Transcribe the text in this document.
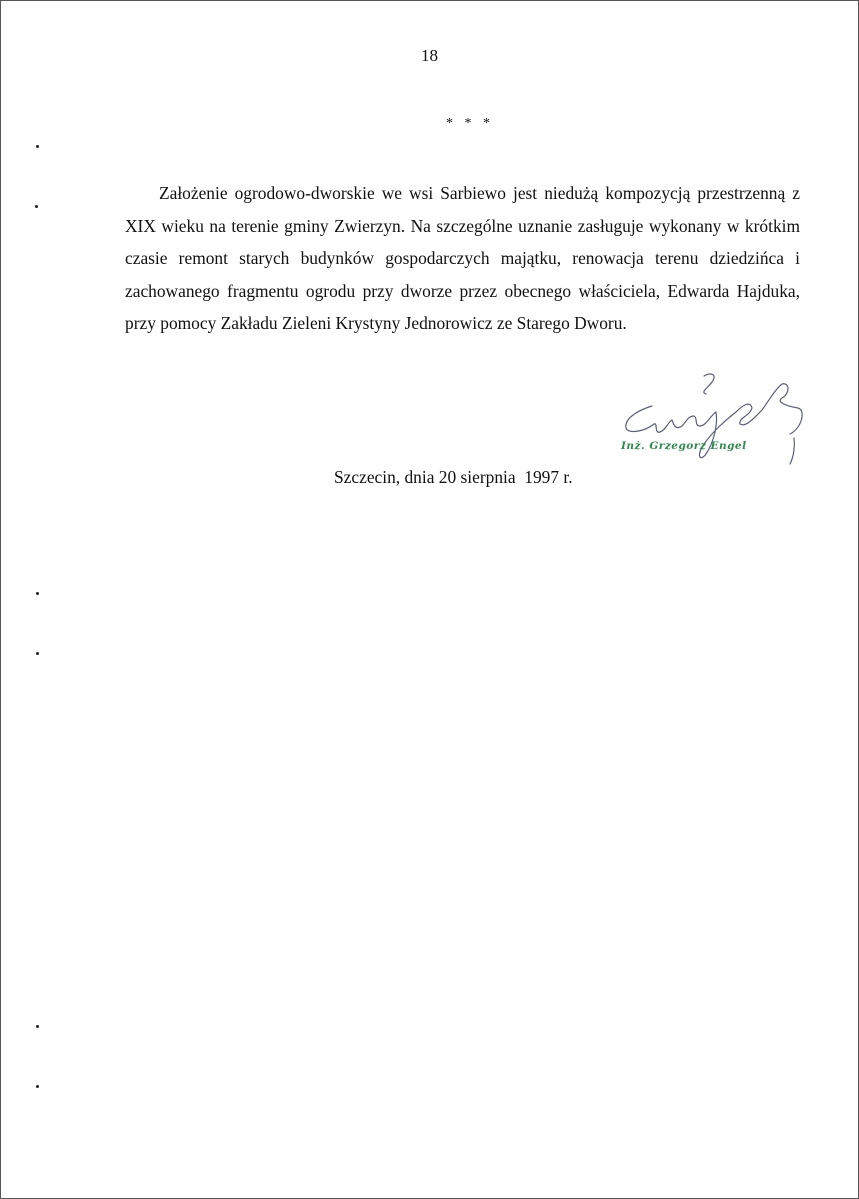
18
* * *

Założenie ogrodowo-dworskie we wsi Sarbiewo jest niedużą kompozycją przestrzenną z XIX wieku na terenie gminy Zwierzyn. Na szczególne uznanie zasługuje wykonany w krótkim czasie remont starych budynków gospodarczych majątku, renowacja terenu dziedzińca i zachowanego fragmentu ogrodu przy dworze przez obecnego właściciela, Edwarda Hajduka, przy pomocy Zakładu Zieleni Krystyny Jednorowicz ze Starego Dworu.

Inż. Grzegorz Engel
Szczecin, dnia 20 sierpnia  1997 r.
